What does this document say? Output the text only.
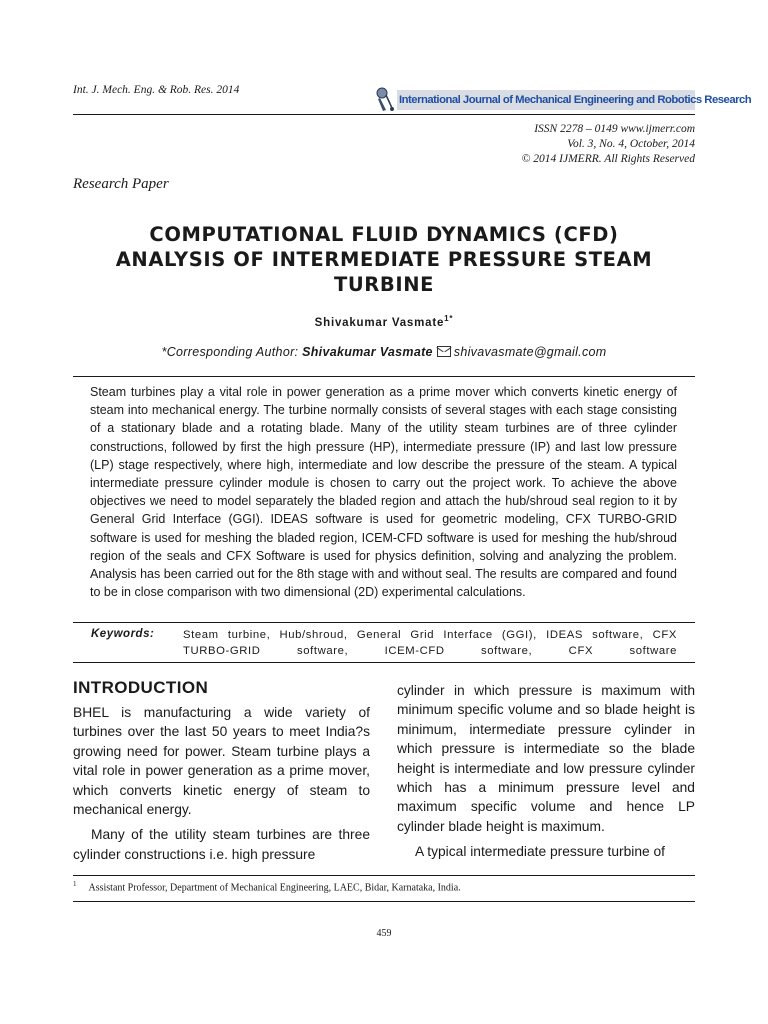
Int. J. Mech. Eng. & Rob. Res. 2014
International Journal of Mechanical Engineering and Robotics Research
ISSN 2278 – 0149 www.ijmerr.com
Vol. 3, No. 4, October, 2014
© 2014 IJMERR. All Rights Reserved
Research Paper
COMPUTATIONAL FLUID DYNAMICS (CFD)
ANALYSIS OF INTERMEDIATE PRESSURE STEAM
TURBINE
Shivakumar Vasmate$^{1*}$
*Corresponding Author: Shivakumar Vasmate shivavasmate@gmail.com
Steam turbines play a vital role in power generation as a prime mover which converts kinetic energy of steam into mechanical energy. The turbine normally consists of several stages with each stage consisting of a stationary blade and a rotating blade. Many of the utility steam turbines are of three cylinder constructions, followed by first the high pressure (HP), intermediate pressure (IP) and last low pressure (LP) stage respectively, where high, intermediate and low describe the pressure of the steam. A typical intermediate pressure cylinder module is chosen to carry out the project work. To achieve the above objectives we need to model separately the bladed region and attach the hub/shroud seal region to it by General Grid Interface (GGI). IDEAS software is used for geometric modeling, CFX TURBO-GRID software is used for meshing the bladed region, ICEM-CFD software is used for meshing the hub/shroud region of the seals and CFX Software is used for physics definition, solving and analyzing the problem. Analysis has been carried out for the 8th stage with and without seal. The results are compared and found to be in close comparison with two dimensional (2D) experimental calculations.
Keywords:	Steam turbine, Hub/shroud, General Grid Interface (GGI), IDEAS software, CFX TURBO-GRID software, ICEM-CFD software, CFX software
INTRODUCTION

BHEL is manufacturing a wide variety of turbines over the last 50 years to meet India?s growing need for power. Steam turbine plays a vital role in power generation as a prime mover, which converts kinetic energy of steam to mechanical energy.

Many of the utility steam turbines are three cylinder constructions i.e. high pressure

cylinder in which pressure is maximum with minimum specific volume and so blade height is minimum, intermediate pressure cylinder in which pressure is intermediate so the blade height is intermediate and low pressure cylinder which has a minimum pressure level and maximum specific volume and hence LP cylinder blade height is maximum.

A typical intermediate pressure turbine of

$^1$ Assistant Professor, Department of Mechanical Engineering, LAEC, Bidar, Karnataka, India.
459
